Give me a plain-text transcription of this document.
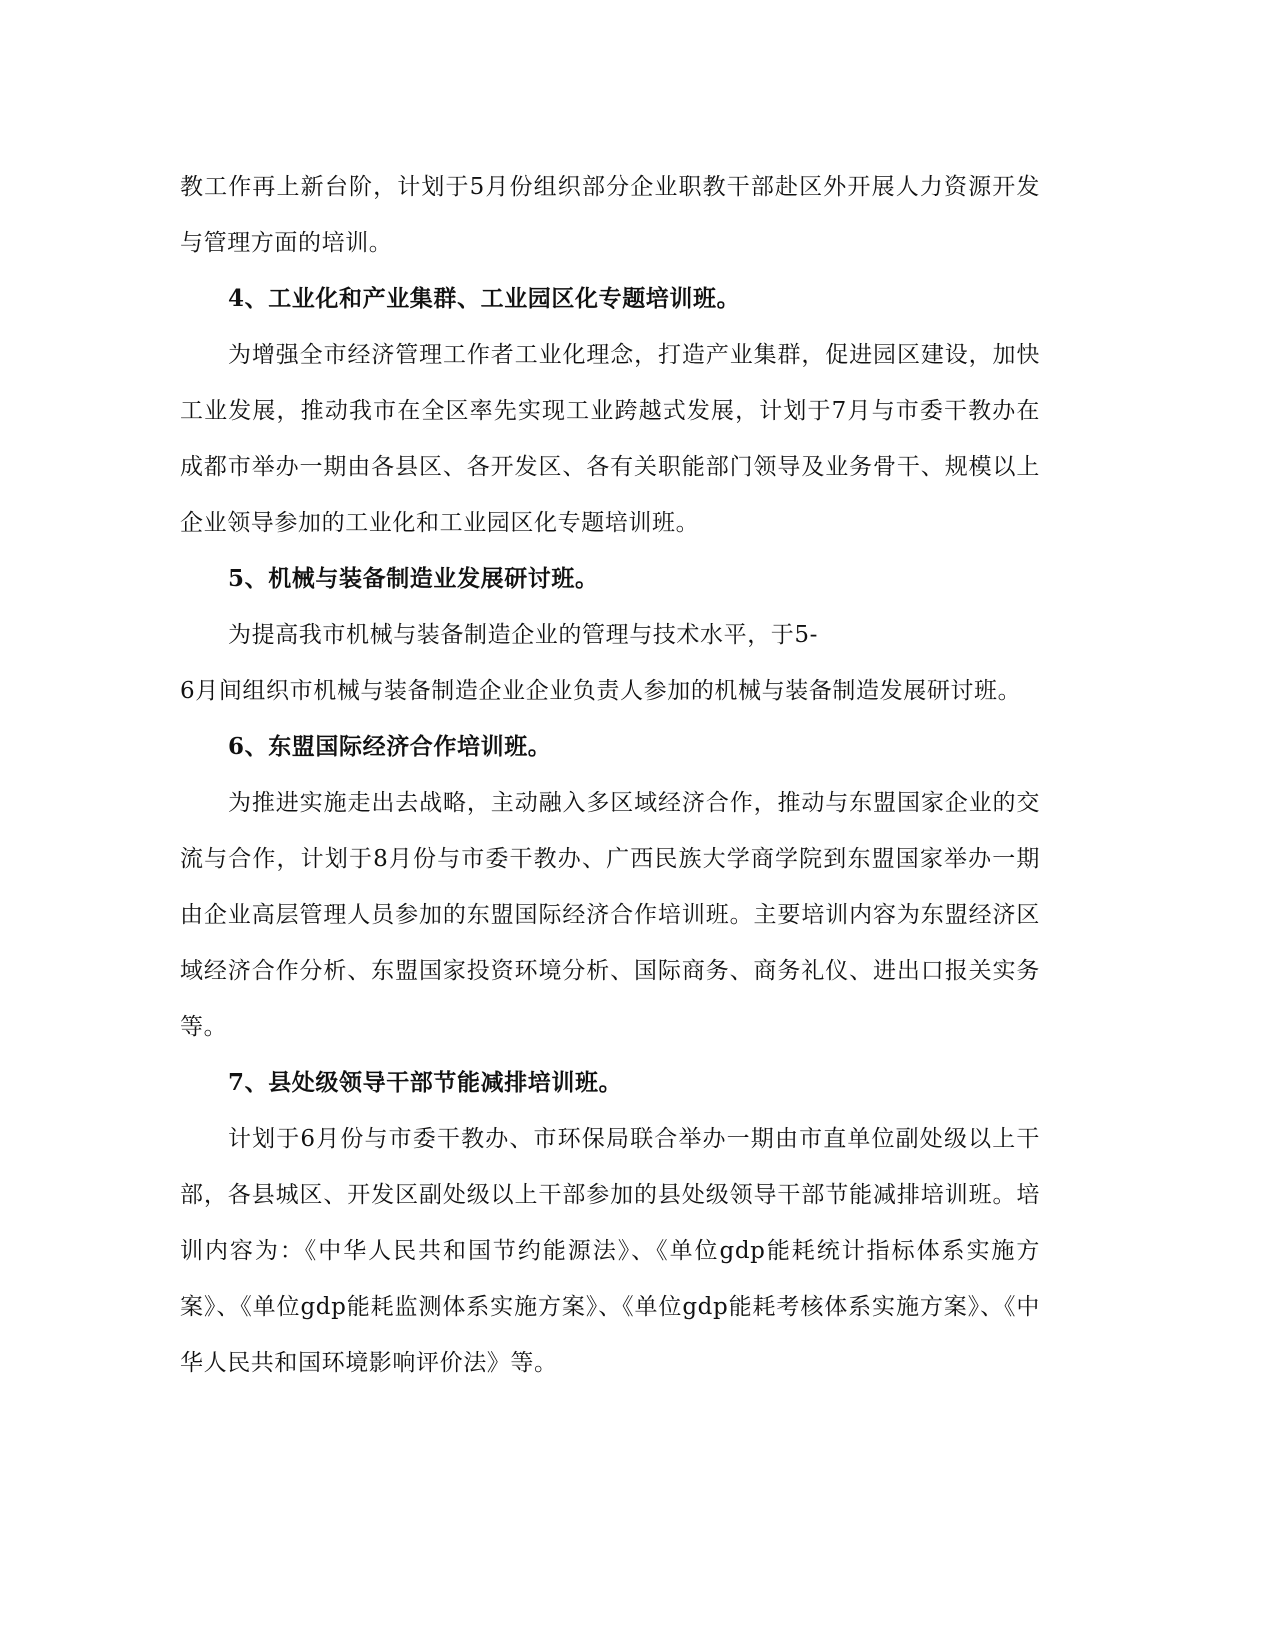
教工作再上新台阶，计划于5月份组织部分企业职教干部赴区外开展人力资源开发与管理方面的培训。

4、工业化和产业集群、工业园区化专题培训班。

为增强全市经济管理工作者工业化理念，打造产业集群，促进园区建设，加快工业发展，推动我市在全区率先实现工业跨越式发展，计划于7月与市委干教办在成都市举办一期由各县区、各开发区、各有关职能部门领导及业务骨干、规模以上企业领导参加的工业化和工业园区化专题培训班。

5、机械与装备制造业发展研讨班。

为提高我市机械与装备制造企业的管理与技术水平，于5-

6月间组织市机械与装备制造企业企业负责人参加的机械与装备制造发展研讨班。

6、东盟国际经济合作培训班。

为推进实施走出去战略，主动融入多区域经济合作，推动与东盟国家企业的交流与合作，计划于8月份与市委干教办、广西民族大学商学院到东盟国家举办一期由企业高层管理人员参加的东盟国际经济合作培训班。主要培训内容为东盟经济区域经济合作分析、东盟国家投资环境分析、国际商务、商务礼仪、进出口报关实务等。

7、县处级领导干部节能减排培训班。

计划于6月份与市委干教办、市环保局联合举办一期由市直单位副处级以上干部，各县城区、开发区副处级以上干部参加的县处级领导干部节能减排培训班。培训内容为：《中华人民共和国节约能源法》、《单位gdp能耗统计指标体系实施方案》、《单位gdp能耗监测体系实施方案》、《单位gdp能耗考核体系实施方案》、《中华人民共和国环境影响评价法》等。
